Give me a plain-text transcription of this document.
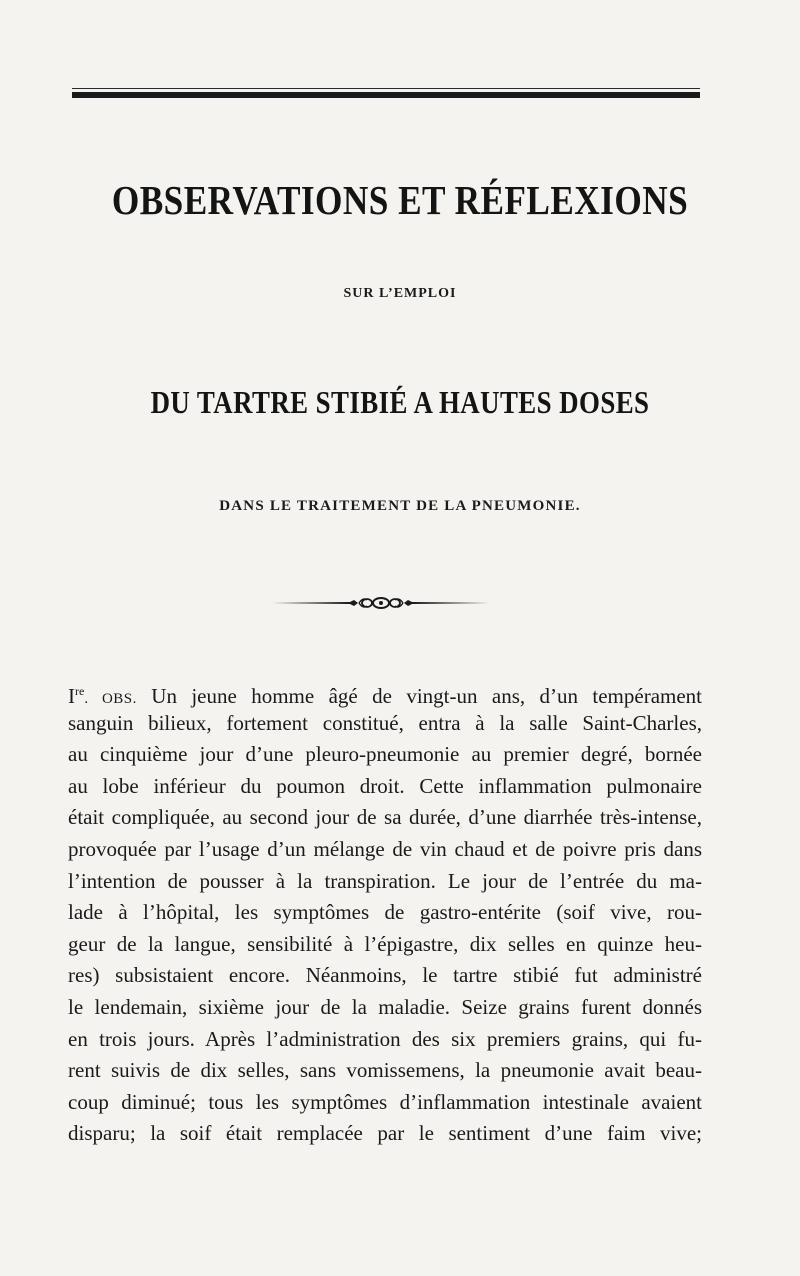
OBSERVATIONS ET RÉFLEXIONS
SUR L’EMPLOI
DU TARTRE STIBIÉ A HAUTES DOSES
DANS LE TRAITEMENT DE LA PNEUMONIE.
Ire. OBS. Un jeune homme âgé de vingt-un ans, d’un tempérament
sanguin bilieux, fortement constitué, entra à la salle Saint-Charles,
au cinquième jour d’une pleuro-pneumonie au premier degré, bornée
au lobe inférieur du poumon droit. Cette inflammation pulmonaire
était compliquée, au second jour de sa durée, d’une diarrhée très-intense,
provoquée par l’usage d’un mélange de vin chaud et de poivre pris dans
l’intention de pousser à la transpiration. Le jour de l’entrée du ma-
lade à l’hôpital, les symptômes de gastro-entérite (soif vive, rou-
geur de la langue, sensibilité à l’épigastre, dix selles en quinze heu-
res) subsistaient encore. Néanmoins, le tartre stibié fut administré
le lendemain, sixième jour de la maladie. Seize grains furent donnés
en trois jours. Après l’administration des six premiers grains, qui fu-
rent suivis de dix selles, sans vomissemens, la pneumonie avait beau-
coup diminué; tous les symptômes d’inflammation intestinale avaient
disparu; la soif était remplacée par le sentiment d’une faim vive;
